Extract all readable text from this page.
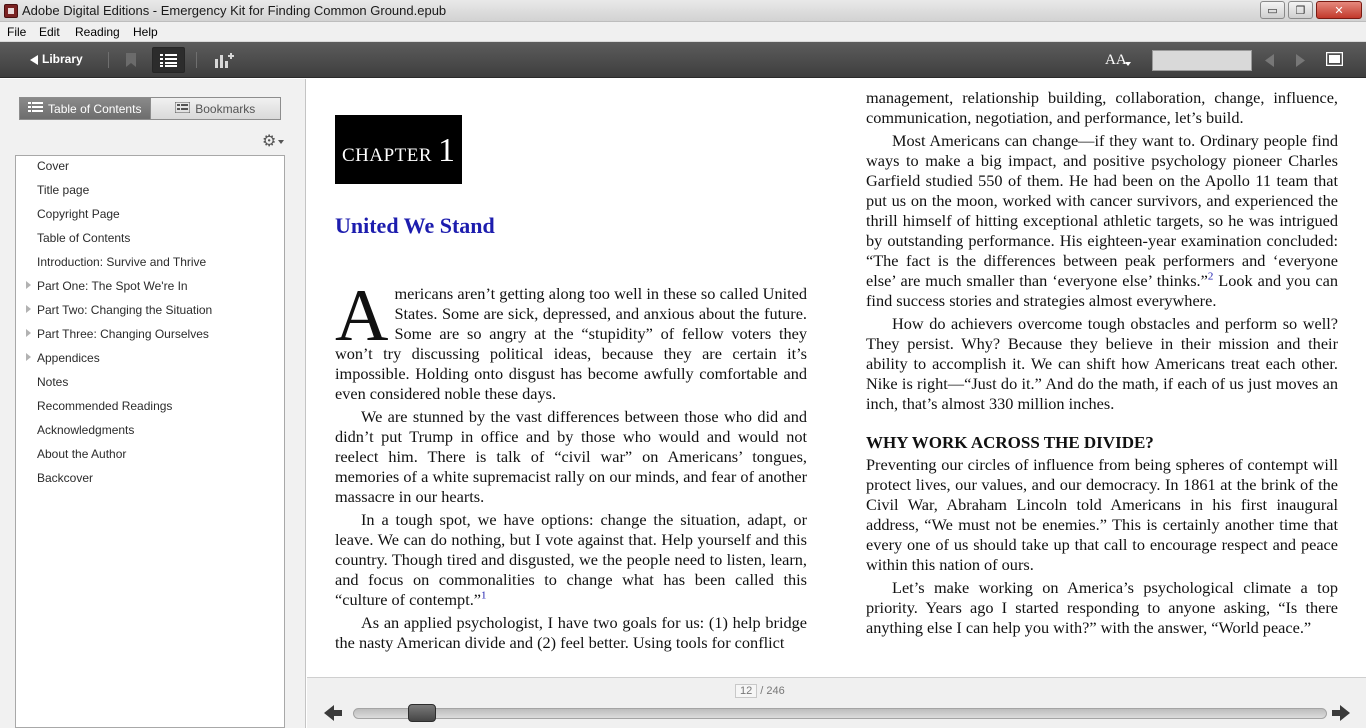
Adobe Digital Editions - Emergency Kit for Finding Common Ground.epub	▭ ❐	✕
File Edit Reading Help
Library	AA
Table of Contents	Bookmarks
⚙
Cover
Title page
Copyright Page
Table of Contents
Introduction: Survive and Thrive
Part One: The Spot We're In
Part Two: Changing the Situation
Part Three: Changing Ourselves
Appendices
Notes
Recommended Readings
Acknowledgments
About the Author
Backcover
CHAPTER 1
United We Stand

Americans aren’t getting along too well in these so called United States. Some are sick, depressed, and anxious about the future. Some are so angry at the “stupidity” of fellow voters they won’t try discussing political ideas, because they are certain it’s impossible. Holding onto disgust has become awfully comfortable and even considered noble these days.

We are stunned by the vast differences between those who did and didn’t put Trump in office and by those who would and would not reelect him. There is talk of “civil war” on Americans’ tongues, memories of a white supremacist rally on our minds, and fear of another massacre in our hearts.

In a tough spot, we have options: change the situation, adapt, or leave. We can do nothing, but I vote against that. Help yourself and this country. Though tired and disgusted, we the people need to listen, learn, and focus on commonalities to change what has been called this “culture of contempt.”$^1$

As an applied psychologist, I have two goals for us: (1) help bridge the nasty American divide and (2) feel better. Using tools for conflict

management, relationship building, collaboration, change, influence, communication, negotiation, and performance, let’s build.

Most Americans can change—if they want to. Ordinary people find ways to make a big impact, and positive psychology pioneer Charles Garfield studied 550 of them. He had been on the Apollo 11 team that put us on the moon, worked with cancer survivors, and experienced the thrill himself of hitting exceptional athletic targets, so he was intrigued by outstanding performance. His eighteen-year examination concluded: “The fact is the differences between peak performers and ‘everyone else’ are much smaller than ‘everyone else’ thinks.”$^2$ Look and you can find success stories and strategies almost everywhere.

How do achievers overcome tough obstacles and perform so well? They persist. Why? Because they believe in their mission and their ability to accomplish it. We can shift how Americans treat each other. Nike is right—“Just do it.” And do the math, if each of us just moves an inch, that’s almost 330 million inches.

WHY WORK ACROSS THE DIVIDE?

Preventing our circles of influence from being spheres of contempt will protect lives, our values, and our democracy. In 1861 at the brink of the Civil War, Abraham Lincoln told Americans in his first inaugural address, “We must not be enemies.” This is certainly another time that every one of us should take up that call to encourage respect and peace within this nation of ours.

Let’s make working on America’s psychological climate a top priority. Years ago I started responding to anyone asking, “Is there anything else I can help you with?” with the answer, “World peace.”

12 / 246
